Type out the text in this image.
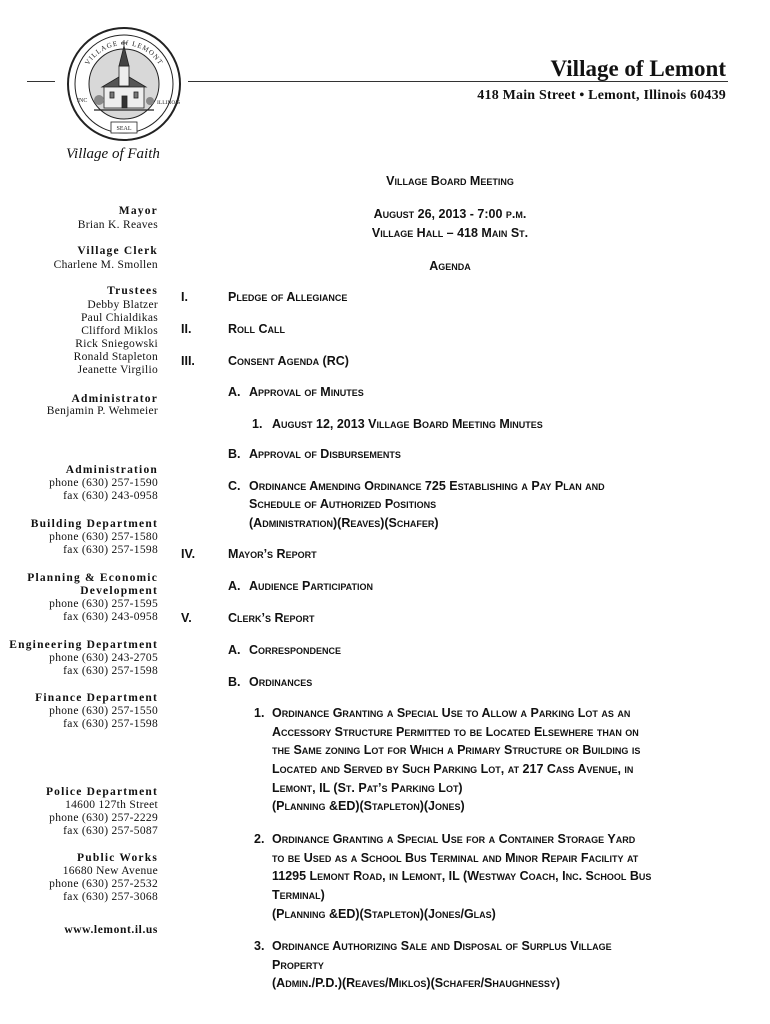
VILLAGE of LEMONT
INC	ILLINOIS
SEAL
Village of Lemont
418 Main Street • Lemont, Illinois 60439
Village of Faith
Mayor
Brian K. Reaves
Village Clerk
Charlene M. Smollen
Trustees
Debby Blatzer
Paul Chialdikas
Clifford Miklos
Rick Sniegowski
Ronald Stapleton
Jeanette Virgilio
Administrator
Benjamin P. Wehmeier
Administration
phone (630) 257-1590
fax (630) 243-0958
Building Department
phone (630) 257-1580
fax (630) 257-1598
Planning & Economic
Development
phone (630) 257-1595
fax (630) 243-0958
Engineering Department
phone (630) 243-2705
fax (630) 257-1598
Finance Department
phone (630) 257-1550
fax (630) 257-1598
Police Department
14600 127th Street
phone (630) 257-2229
fax (630) 257-5087
Public Works
16680 New Avenue
phone (630) 257-2532
fax (630) 257-3068
www.lemont.il.us
Village Board Meeting
August 26, 2013 - 7:00 p.m.
Village Hall – 418 Main St.
Agenda
I.	Pledge of Allegiance
II.	Roll Call
III.	Consent Agenda (RC)
A. Approval of Minutes
1. August 12, 2013 Village Board Meeting Minutes
B. Approval of Disbursements
C. Ordinance Amending Ordinance 725 Establishing a Pay Plan and
Schedule of Authorized Positions
(Administration)(Reaves)(Schafer)
IV.	Mayor’s Report
A. Audience Participation
V.	Clerk’s Report
A. Correspondence
B. Ordinances
1. Ordinance Granting a Special Use to Allow a Parking Lot as an
Accessory Structure Permitted to be Located Elsewhere than on
the Same zoning Lot for Which a Primary Structure or Building is
Located and Served by Such Parking Lot, at 217 Cass Avenue, in
Lemont, IL (St. Pat’s Parking Lot)
(Planning &ED)(Stapleton)(Jones)
2. Ordinance Granting a Special Use for a Container Storage Yard
to be Used as a School Bus Terminal and Minor Repair Facility at
11295 Lemont Road, in Lemont, IL (Westway Coach, Inc. School Bus
Terminal)
(Planning &ED)(Stapleton)(Jones/Glas)
3. Ordinance Authorizing Sale and Disposal of Surplus Village
Property
(Admin./P.D.)(Reaves/Miklos)(Schafer/Shaughnessy)
